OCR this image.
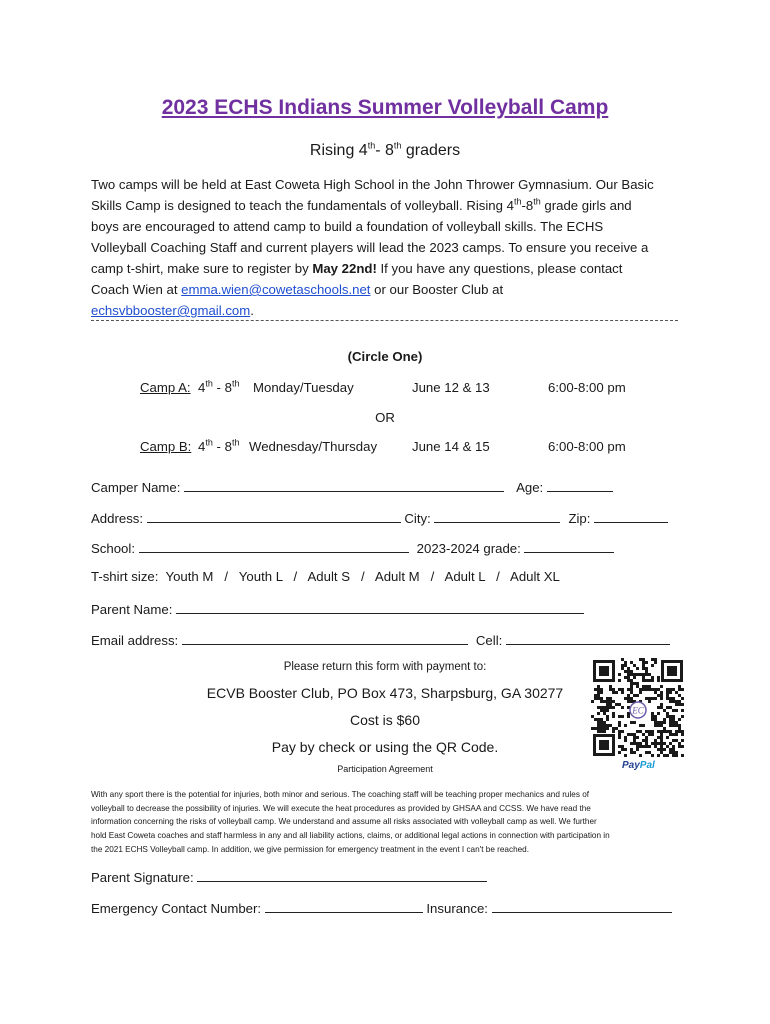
2023 ECHS Indians Summer Volleyball Camp
Rising 4th- 8th graders
Two camps will be held at East Coweta High School in the John Thrower Gymnasium. Our Basic
Skills Camp is designed to teach the fundamentals of volleyball. Rising 4th-8th grade girls and
boys are encouraged to attend camp to build a foundation of volleyball skills. The ECHS
Volleyball Coaching Staff and current players will lead the 2023 camps. To ensure you receive a
camp t-shirt, make sure to register by May 22nd! If you have any questions, please contact
Coach Wien at emma.wien@cowetaschools.net or our Booster Club at
echsvbbooster@gmail.com.
(Circle One)
Camp A: 4th - 8th Monday/Tuesday	June 12 & 13	6:00-8:00 pm
OR
Camp B: 4th - 8th Wednesday/Thursday	June 14 & 15	6:00-8:00 pm
Camper Name:	Age:
Address:	City:	Zip:
School:	2023-2024 grade:
T-shirt size:  Youth M   /   Youth L   /   Adult S   /   Adult M   /   Adult L   /   Adult XL
Parent Name:
Email address:	Cell:
Please return this form with payment to:
ECVB Booster Club, PO Box 473, Sharpsburg, GA 30277
Cost is $60
Pay by check or using the QR Code.
Participation Agreement
EC
PayPal
With any sport there is the potential for injuries, both minor and serious. The coaching staff will be teaching proper mechanics and rules of
volleyball to decrease the possibility of injuries. We will execute the heat procedures as provided by GHSAA and CCSS. We have read the
information concerning the risks of volleyball camp. We understand and assume all risks associated with volleyball camp as well. We further
hold East Coweta coaches and staff harmless in any and all liability actions, claims, or additional legal actions in connection with participation in
the 2021 ECHS Volleyball camp. In addition, we give permission for emergency treatment in the event I can't be reached.
Parent Signature:
Emergency Contact Number:	Insurance:
